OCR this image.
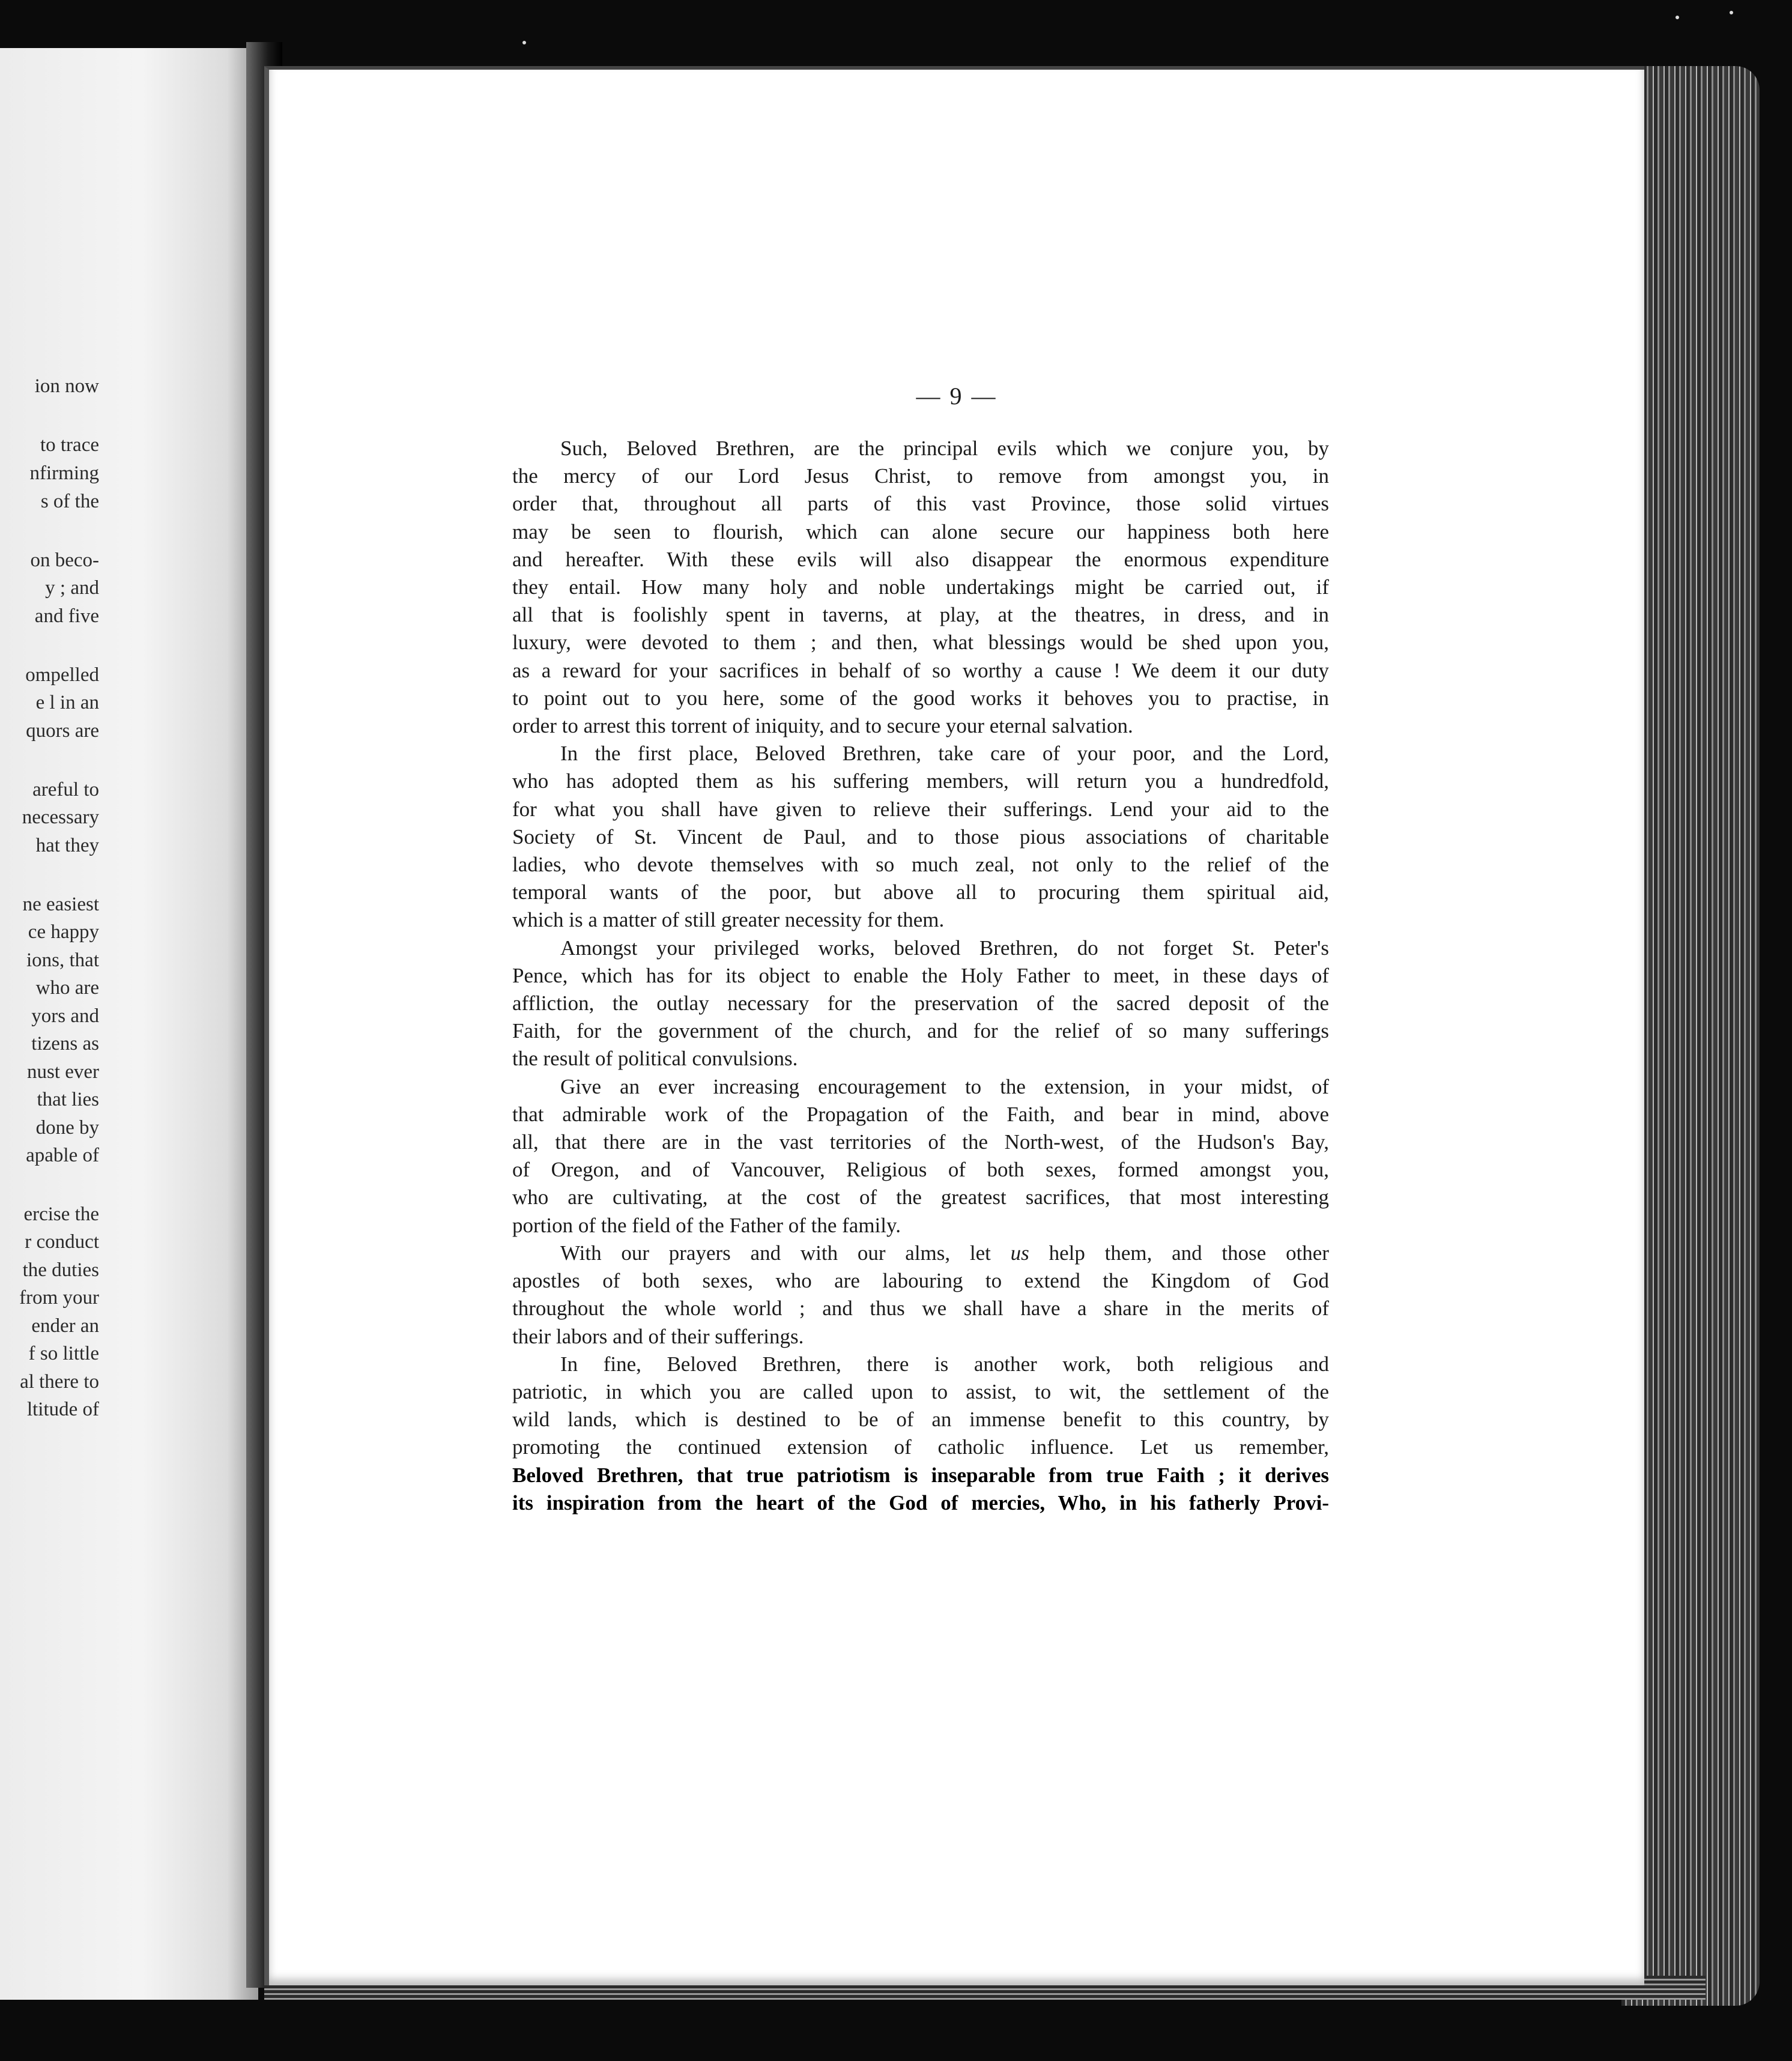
ion now
to trace
nfirming
s of the
on beco-
y ; and
and five
ompelled
e l in an
quors are
areful to
necessary
hat they
ne easiest
ce happy
ions, that
who are
yors and
tizens as
nust ever
that lies
done by
apable of
ercise the
r conduct
the duties
from your
ender an
f so little
al there to
ltitude of
— 9 —
Such, Beloved Brethren, are the principal evils which we conjure you, by
the mercy of our Lord Jesus Christ, to remove from amongst you, in
order that, throughout all parts of this vast Province, those solid virtues
may be seen to flourish, which can alone secure our happiness both here
and hereafter. With these evils will also disappear the enormous expenditure
they entail. How many holy and noble undertakings might be carried out, if
all that is foolishly spent in taverns, at play, at the theatres, in dress, and in
luxury, were devoted to them ; and then, what blessings would be shed upon you,
as a reward for your sacrifices in behalf of so worthy a cause ! We deem it our duty
to point out to you here, some of the good works it behoves you to practise, in
order to arrest this torrent of iniquity, and to secure your eternal salvation.
In the first place, Beloved Brethren, take care of your poor, and the Lord,
who has adopted them as his suffering members, will return you a hundredfold,
for what you shall have given to relieve their sufferings. Lend your aid to the
Society of St. Vincent de Paul, and to those pious associations of charitable
ladies, who devote themselves with so much zeal, not only to the relief of the
temporal wants of the poor, but above all to procuring them spiritual aid,
which is a matter of still greater necessity for them.
Amongst your privileged works, beloved Brethren, do not forget St. Peter's
Pence, which has for its object to enable the Holy Father to meet, in these days of
affliction, the outlay necessary for the preservation of the sacred deposit of the
Faith, for the government of the church, and for the relief of so many sufferings
the result of political convulsions.
Give an ever increasing encouragement to the extension, in your midst, of
that admirable work of the Propagation of the Faith, and bear in mind, above
all, that there are in the vast territories of the North-west, of the Hudson's Bay,
of Oregon, and of Vancouver, Religious of both sexes, formed amongst you,
who are cultivating, at the cost of the greatest sacrifices, that most interesting
portion of the field of the Father of the family.
With our prayers and with our alms, let us help them, and those other
apostles of both sexes, who are labouring to extend the Kingdom of God
throughout the whole world ; and thus we shall have a share in the merits of
their labors and of their sufferings.
In fine, Beloved Brethren, there is another work, both religious and
patriotic, in which you are called upon to assist, to wit, the settlement of the
wild lands, which is destined to be of an immense benefit to this country, by
promoting the continued extension of catholic influence. Let us remember,
Beloved Brethren, that true patriotism is inseparable from true Faith ; it derives
its inspiration from the heart of the God of mercies, Who, in his fatherly Provi-
